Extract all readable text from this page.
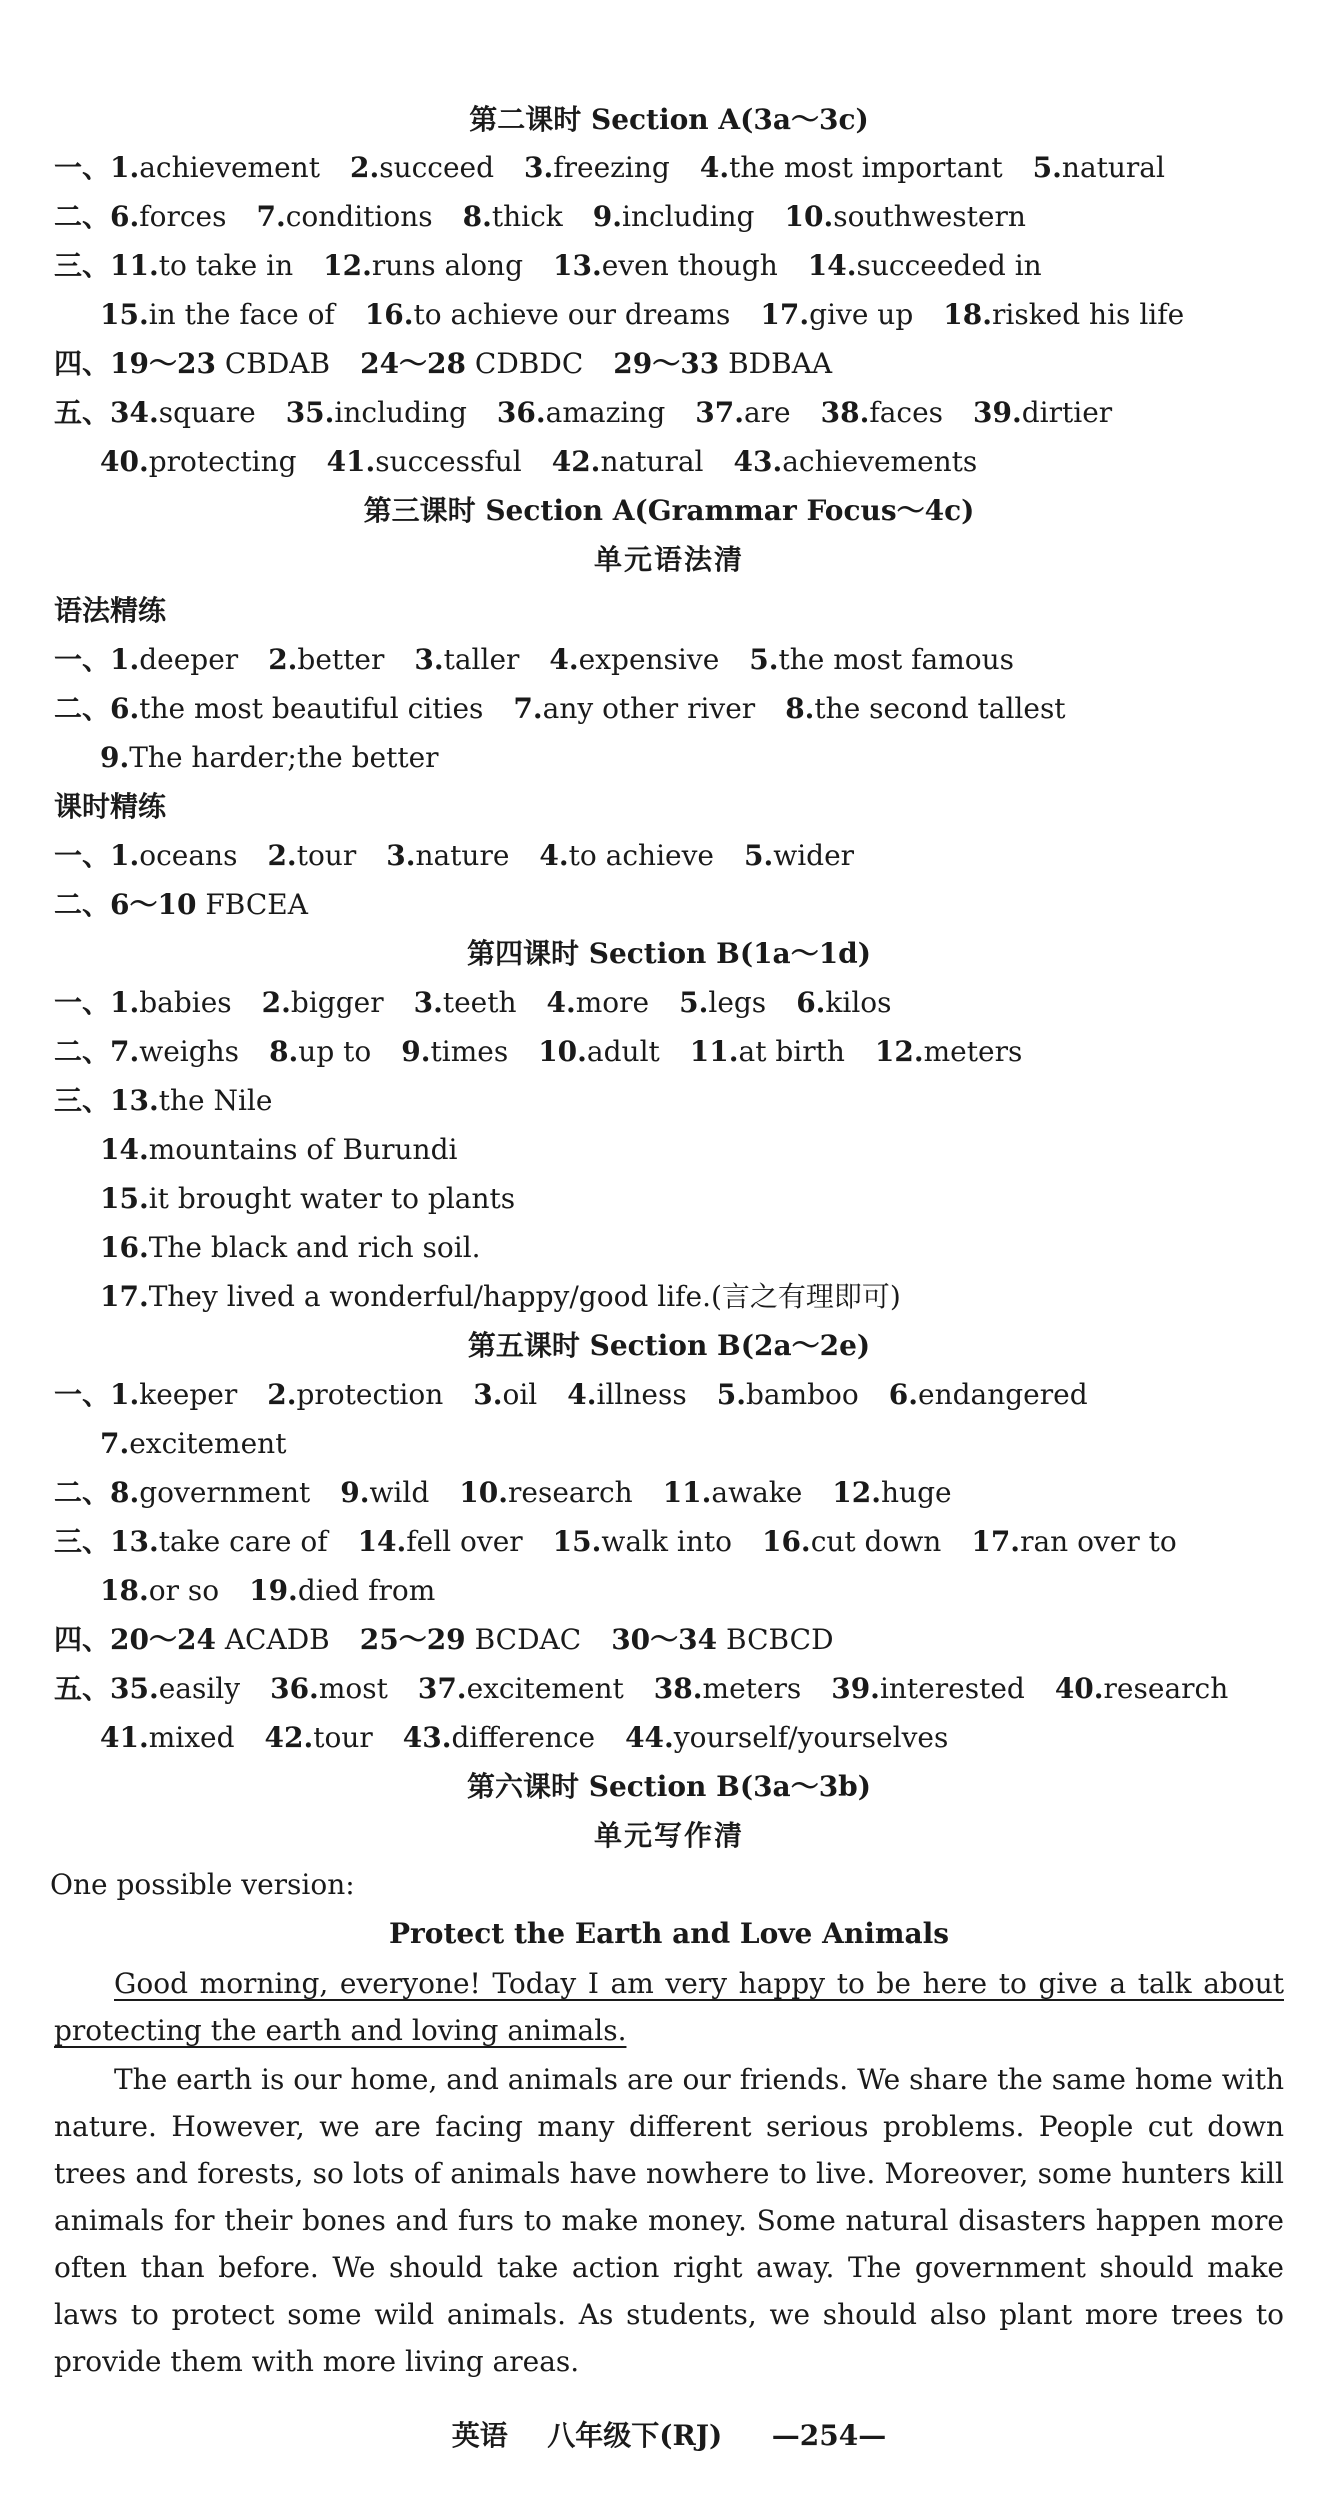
第二课时 Section A(3a～3c)
一、1.achievement 2.succeed 3.freezing 4.the most important 5.natural
二、6.forces 7.conditions 8.thick 9.including 10.southwestern
三、11.to take in 12.runs along 13.even though 14.succeeded in
15.in the face of 16.to achieve our dreams 17.give up 18.risked his life
四、19～23 CBDAB 24～28 CDBDC 29～33 BDBAA
五、34.square 35.including 36.amazing 37.are 38.faces 39.dirtier
40.protecting 41.successful 42.natural 43.achievements
第三课时 Section A(Grammar Focus～4c)
单元语法清
语法精练
一、1.deeper 2.better 3.taller 4.expensive 5.the most famous
二、6.the most beautiful cities 7.any other river 8.the second tallest
9.The harder;the better
课时精练
一、1.oceans 2.tour 3.nature 4.to achieve 5.wider
二、6～10 FBCEA
第四课时 Section B(1a～1d)
一、1.babies 2.bigger 3.teeth 4.more 5.legs 6.kilos
二、7.weighs 8.up to 9.times 10.adult 11.at birth 12.meters
三、13.the Nile
14.mountains of Burundi
15.it brought water to plants
16.The black and rich soil.
17.They lived a wonderful/happy/good life.(言之有理即可)
第五课时 Section B(2a～2e)
一、1.keeper 2.protection 3.oil 4.illness 5.bamboo 6.endangered
7.excitement
二、8.government 9.wild 10.research 11.awake 12.huge
三、13.take care of 14.fell over 15.walk into 16.cut down 17.ran over to
18.or so 19.died from
四、20～24 ACADB 25～29 BCDAC 30～34 BCBCD
五、35.easily 36.most 37.excitement 38.meters 39.interested 40.research
41.mixed 42.tour 43.difference 44.yourself/yourselves
第六课时 Section B(3a～3b)
单元写作清
One possible version:
Protect the Earth and Love Animals
Good morning, everyone! Today I am very happy to be here to give a talk about protecting the earth and loving animals.
The earth is our home, and animals are our friends. We share the same home with nature. However, we are facing many different serious problems. People cut down trees and forests, so lots of animals have nowhere to live. Moreover, some hunters kill animals for their bones and furs to make money. Some natural disasters happen more often than before. We should take action right away. The government should make laws to protect some wild animals. As students, we should also plant more trees to provide them with more living areas.
英语 八年级下(RJ) —254—
